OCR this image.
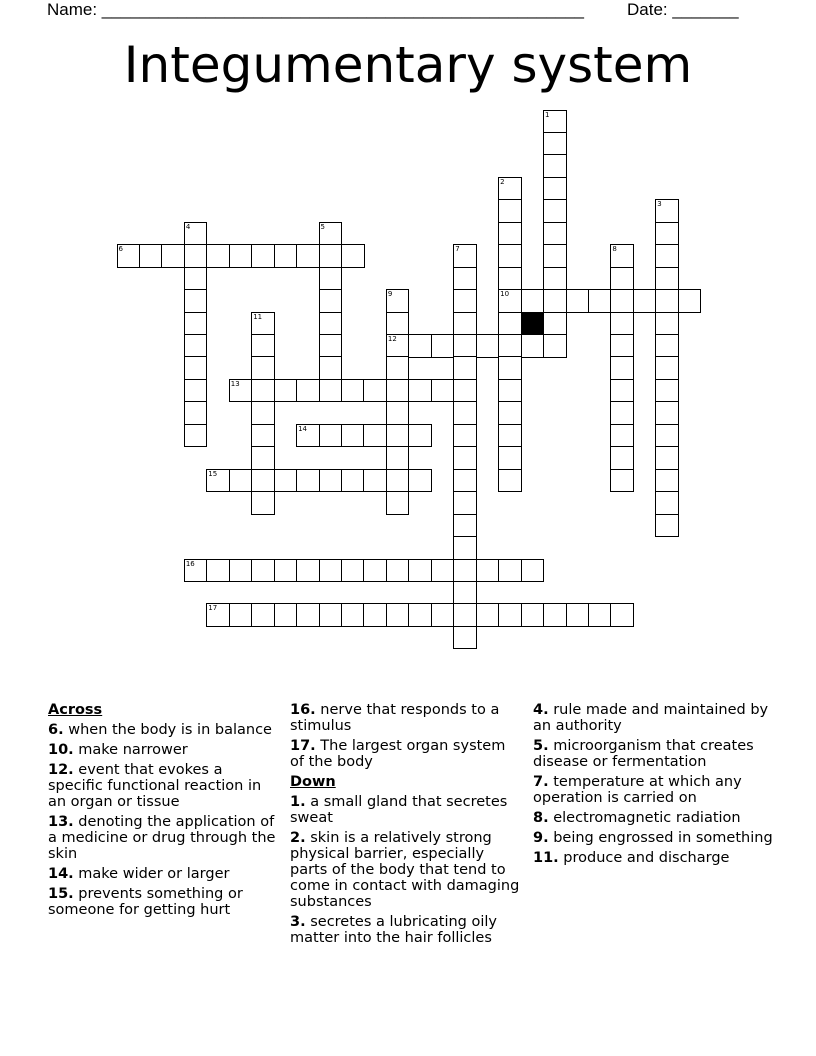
Name: ___________________________________________________	Date: _______
Integumentary system
6
10
12
13
14
15
16
17
1
2
3
4	5
7	8
9
11
Across
6. when the body is in balance
10. make narrower
12. event that evokes a specific functional reaction in an organ or tissue
13. denoting the application of a medicine or drug through the skin
14. make wider or larger
15. prevents something or someone for getting hurt
16. nerve that responds to a stimulus
17. The largest organ system of the body
Down
1. a small gland that secretes sweat
2. skin is a relatively strong physical barrier, especially parts of the body that tend to come in contact with damaging substances
3. secretes a lubricating oily matter into the hair follicles
4. rule made and maintained by an authority
5. microorganism that creates disease or fermentation
7. temperature at which any operation is carried on
8. electromagnetic radiation
9. being engrossed in something
11. produce and discharge
